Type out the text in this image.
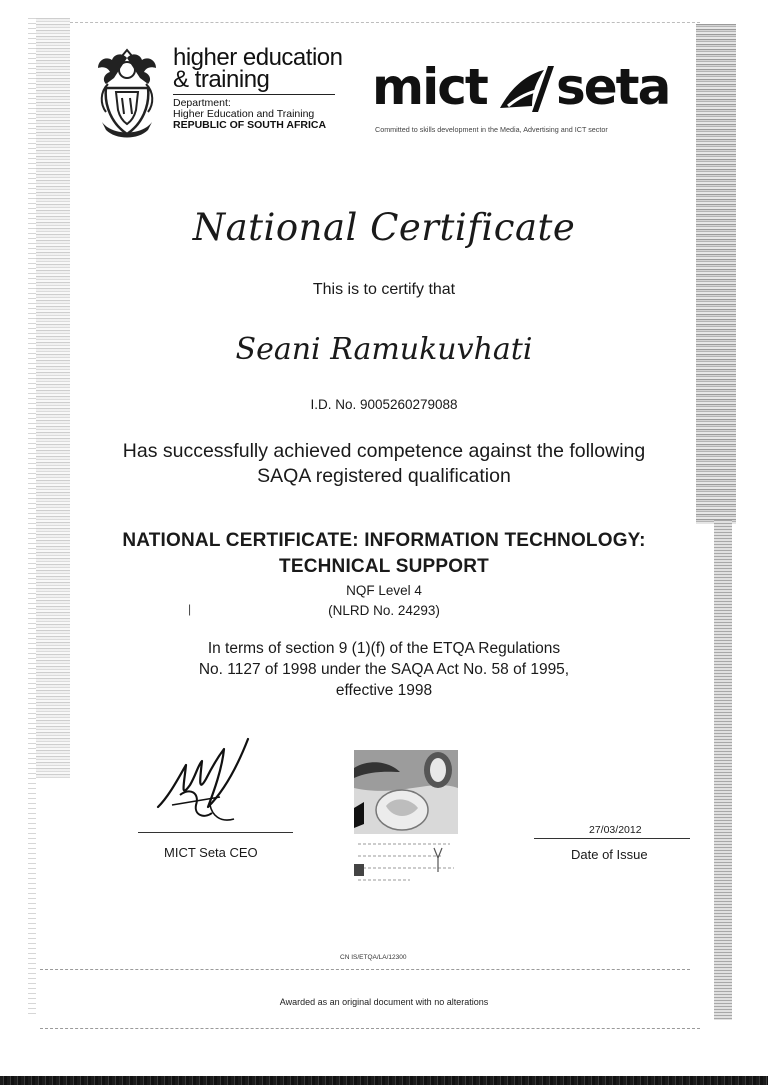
higher education
& training
Department:
Higher Education and Training
REPUBLIC OF SOUTH AFRICA
mict seta
Committed to skills development in the Media, Advertising and ICT sector
National Certificate
This is to certify that
Seani Ramukuvhati
I.D. No. 9005260279088
Has successfully achieved competence against the following
SAQA registered qualification
NATIONAL CERTIFICATE: INFORMATION TECHNOLOGY:
TECHNICAL SUPPORT
NQF Level 4
(NLRD No. 24293)
|
In terms of section 9 (1)(f) of the ETQA Regulations
No. 1127 of 1998 under the SAQA Act No. 58 of 1995,
effective 1998
MICT Seta CEO
27/03/2012
Date of Issue
CN IS/ETQA/LA/12300
Awarded as an original document with no alterations
